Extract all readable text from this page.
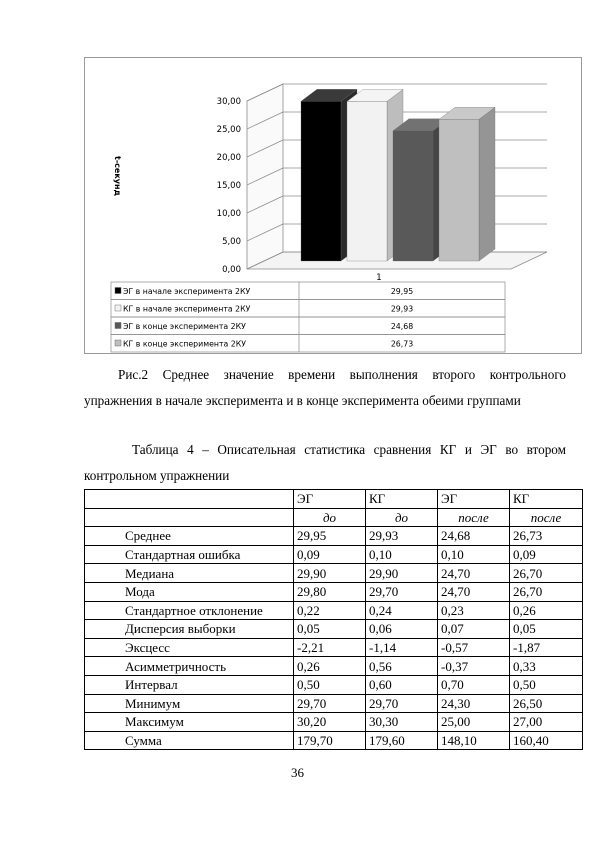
0,00
5,00
10,00
15,00
20,00
25,00
30,00
t-секунд
1
ЭГ в начале эксперимента 2КУ	29,95
КГ в начале эксперимента 2КУ	29,93
ЭГ в конце эксперимента 2КУ	24,68
КГ в конце эксперимента 2КУ	26,73
Рис.2 Среднее значение времени выполнения второго контрольного
упражнения в начале эксперимента и в конце эксперимента обеими группами
Таблица 4 – Описательная статистика сравнения КГ и ЭГ во втором
контрольном упражнении
	ЭГ	КГ	ЭГ	КГ
	до	до	после	после
Среднее	29,95	29,93	24,68	26,73
Стандартная ошибка	0,09	0,10	0,10	0,09
Медиана	29,90	29,90	24,70	26,70
Мода	29,80	29,70	24,70	26,70
Стандартное отклонение	0,22	0,24	0,23	0,26
Дисперсия выборки	0,05	0,06	0,07	0,05
Эксцесс	-2,21	-1,14	-0,57	-1,87
Асимметричность	0,26	0,56	-0,37	0,33
Интервал	0,50	0,60	0,70	0,50
Минимум	29,70	29,70	24,30	26,50
Максимум	30,20	30,30	25,00	27,00
Сумма	179,70	179,60	148,10	160,40
36
